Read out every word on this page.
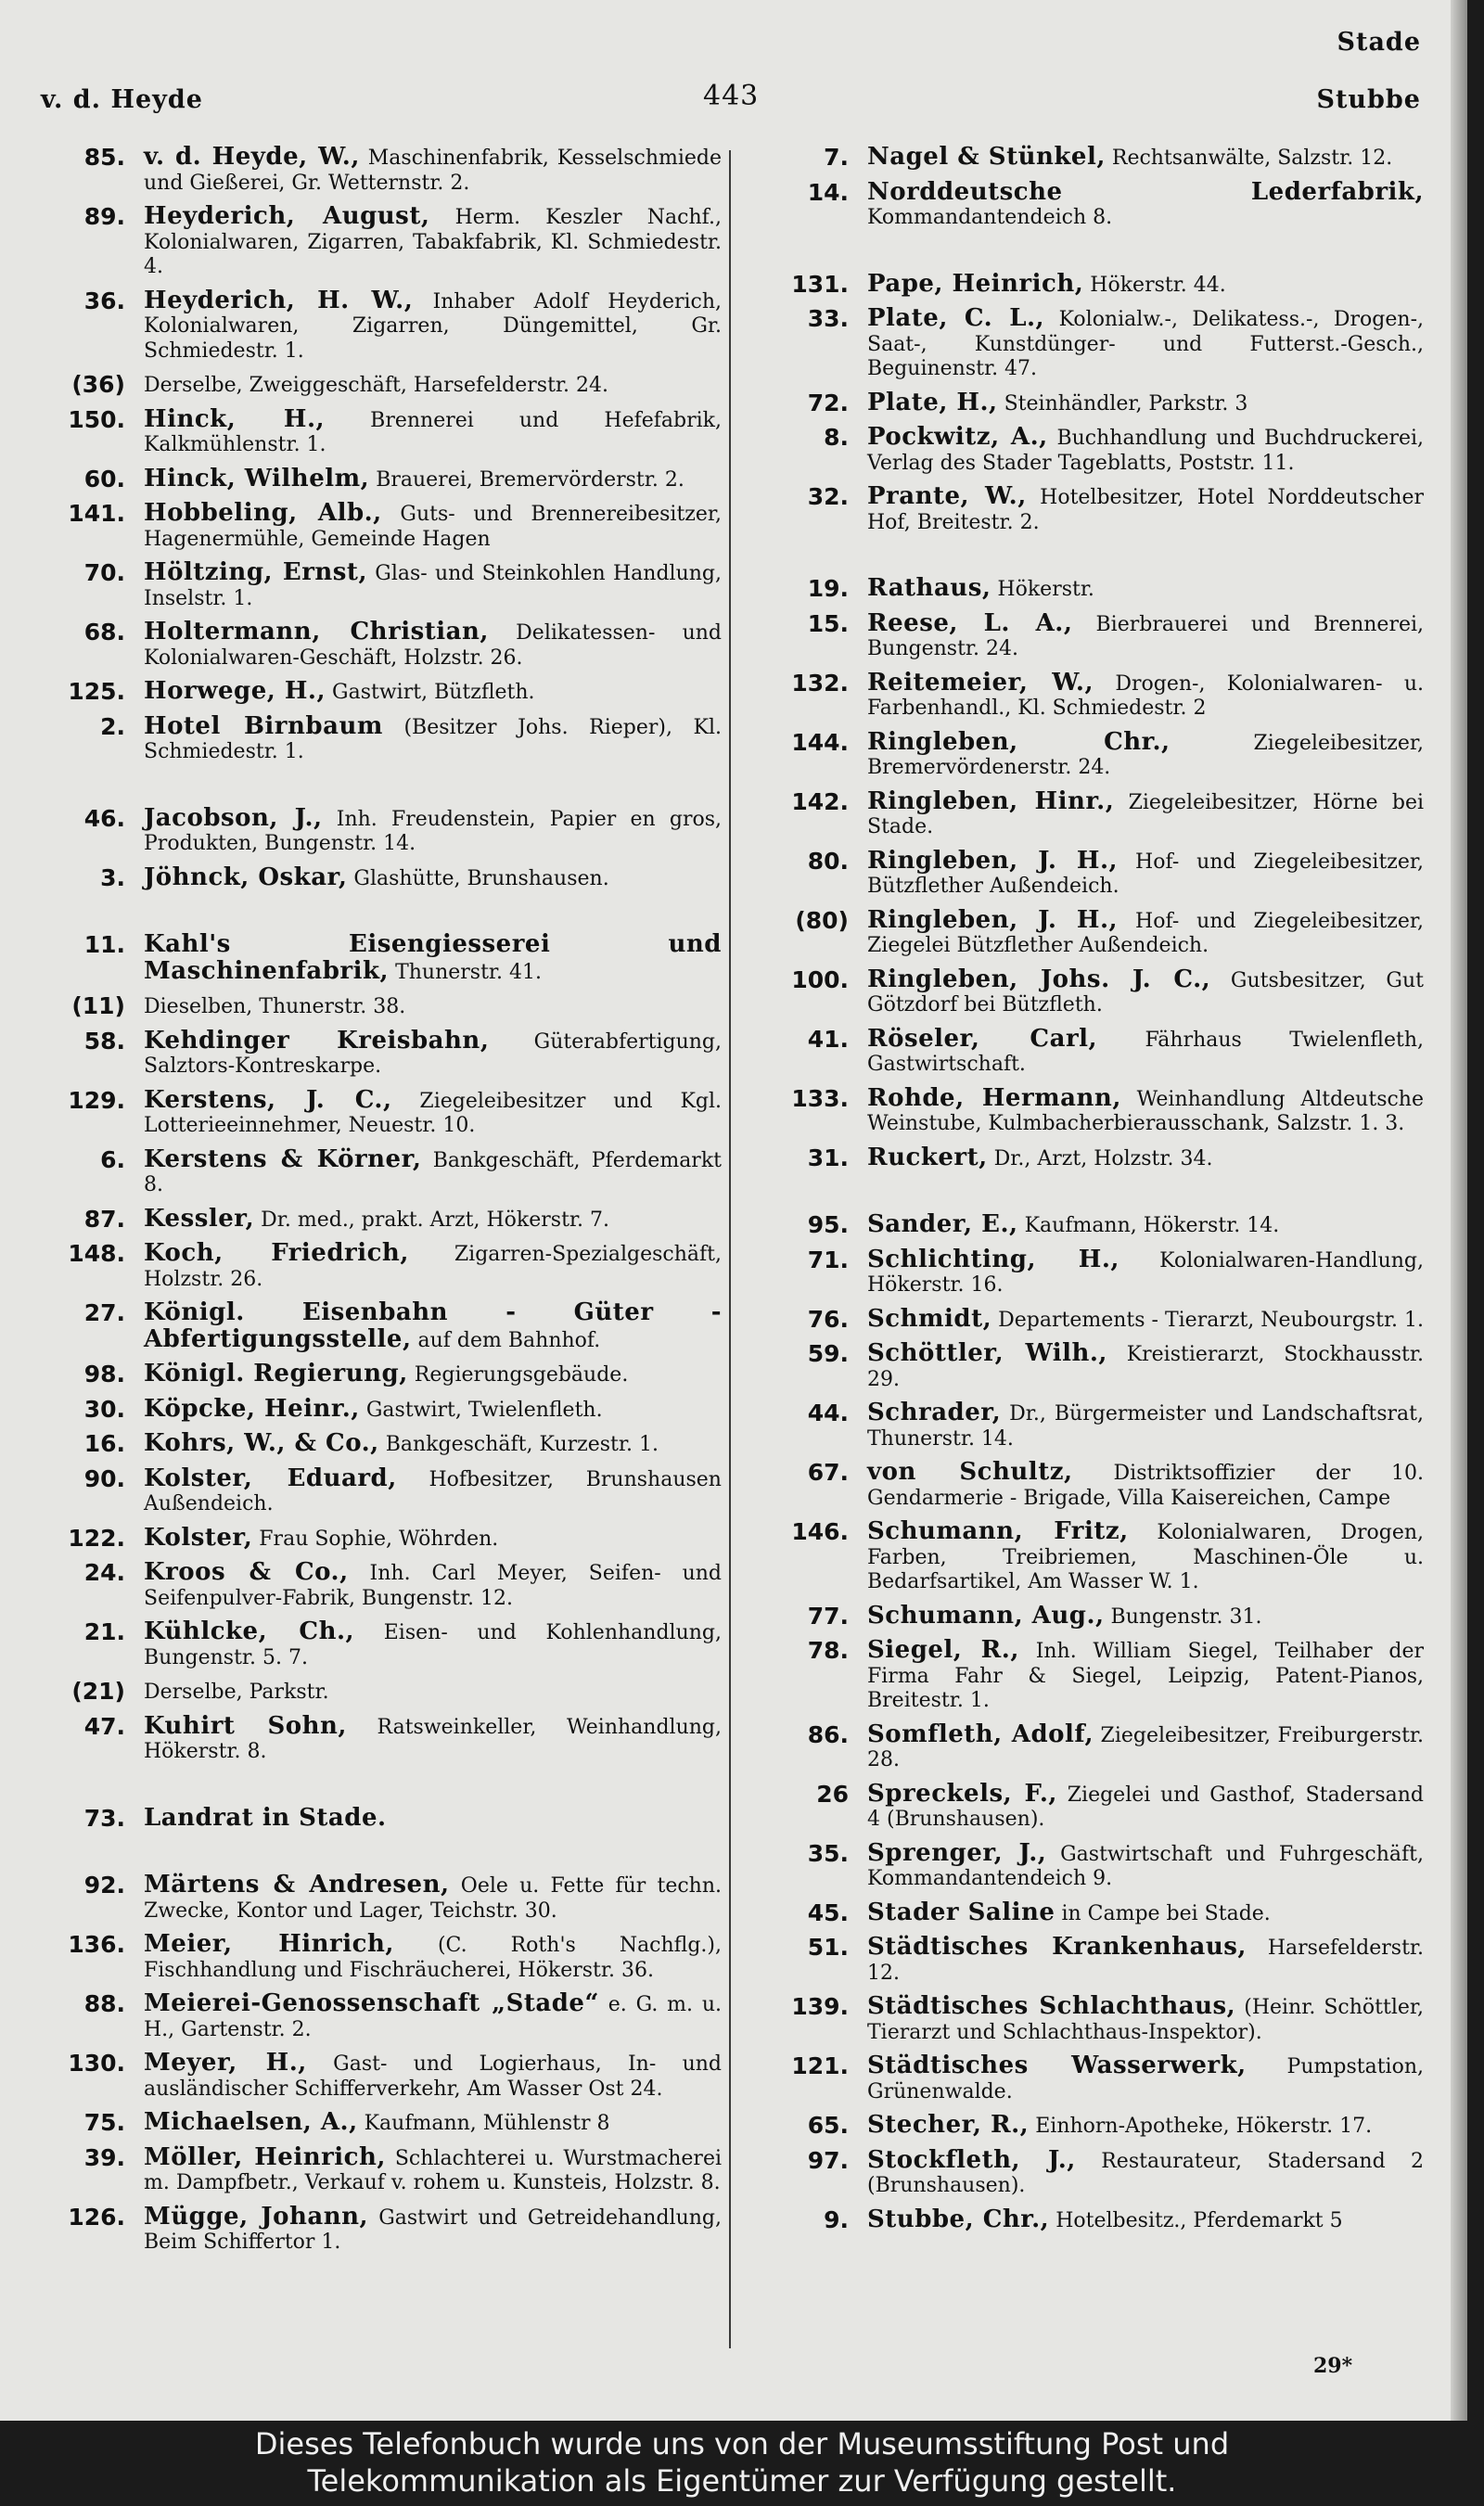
v. d. Heyde	443
Stade
Stubbe
85. v. d. Heyde, W., Maschinenfabrik, Kesselschmiede und Gießerei, Gr. Wetternstr. 2.
89. Heyderich, August, Herm. Keszler Nachf., Kolonialwaren, Zigarren, Tabakfabrik, Kl. Schmiedestr. 4.
36. Heyderich, H. W., Inhaber Adolf Heyderich, Kolonialwaren, Zigarren, Düngemittel, Gr. Schmiedestr. 1.
(36) Derselbe, Zweiggeschäft, Harsefelderstr. 24.
150. Hinck, H., Brennerei und Hefefabrik, Kalkmühlenstr. 1.
60. Hinck, Wilhelm, Brauerei, Bremervörderstr. 2.
141. Hobbeling, Alb., Guts- und Brennereibesitzer, Hagenermühle, Gemeinde Hagen
70. Höltzing, Ernst, Glas- und Steinkohlen Handlung, Inselstr. 1.
68. Holtermann, Christian, Delikatessen- und Kolonialwaren-Geschäft, Holzstr. 26.
125. Horwege, H., Gastwirt, Bützfleth.
2. Hotel Birnbaum (Besitzer Johs. Rieper), Kl. Schmiedestr. 1.
46. Jacobson, J., Inh. Freudenstein, Papier en gros, Produkten, Bungenstr. 14.
3. Jöhnck, Oskar, Glashütte, Brunshausen.
11. Kahl's Eisengiesserei und Maschinenfabrik, Thunerstr. 41.
(11) Dieselben, Thunerstr. 38.
58. Kehdinger Kreisbahn, Güterabfertigung, Salztors-Kontreskarpe.
129. Kerstens, J. C., Ziegeleibesitzer und Kgl. Lotterieeinnehmer, Neuestr. 10.
6. Kerstens & Körner, Bankgeschäft, Pferdemarkt 8.
87. Kessler, Dr. med., prakt. Arzt, Hökerstr. 7.
148. Koch, Friedrich, Zigarren-Spezialgeschäft, Holzstr. 26.
27. Königl. Eisenbahn - Güter - Abfertigungsstelle, auf dem Bahnhof.
98. Königl. Regierung, Regierungsgebäude.
30. Köpcke, Heinr., Gastwirt, Twielenfleth.
16. Kohrs, W., & Co., Bankgeschäft, Kurzestr. 1.
90. Kolster, Eduard, Hofbesitzer, Brunshausen Außendeich.
122. Kolster, Frau Sophie, Wöhrden.
24. Kroos & Co., Inh. Carl Meyer, Seifen- und Seifenpulver-Fabrik, Bungenstr. 12.
21. Kühlcke, Ch., Eisen- und Kohlenhandlung, Bungenstr. 5. 7.
(21) Derselbe, Parkstr.
47. Kuhirt Sohn, Ratsweinkeller, Weinhandlung, Hökerstr. 8.
73. Landrat in Stade.
92. Märtens & Andresen, Oele u. Fette für techn. Zwecke, Kontor und Lager, Teichstr. 30.
136. Meier, Hinrich, (C. Roth's Nachflg.), Fischhandlung und Fischräucherei, Hökerstr. 36.
88. Meierei-Genossenschaft „Stade“ e. G. m. u. H., Gartenstr. 2.
130. Meyer, H., Gast- und Logierhaus, In- und ausländischer Schifferverkehr, Am Wasser Ost 24.
75. Michaelsen, A., Kaufmann, Mühlenstr 8
39. Möller, Heinrich, Schlachterei u. Wurstmacherei m. Dampfbetr., Verkauf v. rohem u. Kunsteis, Holzstr. 8.
126. Mügge, Johann, Gastwirt und Getreidehandlung, Beim Schiffertor 1.
7. Nagel & Stünkel, Rechtsanwälte, Salzstr. 12.
14. Norddeutsche Lederfabrik, Kommandantendeich 8.
131. Pape, Heinrich, Hökerstr. 44.
33. Plate, C. L., Kolonialw.-, Delikatess.-, Drogen-, Saat-, Kunstdünger- und Futterst.-Gesch., Beguinenstr. 47.
72. Plate, H., Steinhändler, Parkstr. 3
8. Pockwitz, A., Buchhandlung und Buchdruckerei, Verlag des Stader Tageblatts, Poststr. 11.
32. Prante, W., Hotelbesitzer, Hotel Norddeutscher Hof, Breitestr. 2.
19. Rathaus, Hökerstr.
15. Reese, L. A., Bierbrauerei und Brennerei, Bungenstr. 24.
132. Reitemeier, W., Drogen-, Kolonialwaren- u. Farbenhandl., Kl. Schmiedestr. 2
144. Ringleben, Chr.,	Ziegeleibesitzer, Bremervördenerstr. 24.
142. Ringleben, Hinr., Ziegeleibesitzer, Hörne bei Stade.
80. Ringleben, J. H., Hof- und Ziegeleibesitzer, Bützflether Außendeich.
(80) Ringleben, J. H., Hof- und Ziegeleibesitzer, Ziegelei Bützflether Außendeich.
100. Ringleben, Johs. J. C., Gutsbesitzer, Gut Götzdorf bei Bützfleth.
41. Röseler, Carl, Fährhaus Twielenfleth, Gastwirtschaft.
133. Rohde, Hermann, Weinhandlung Altdeutsche Weinstube, Kulmbacherbierausschank, Salzstr. 1. 3.
31. Ruckert, Dr., Arzt, Holzstr. 34.
95. Sander, E., Kaufmann, Hökerstr. 14.
71. Schlichting, H., Kolonialwaren-Handlung, Hökerstr. 16.
76. Schmidt, Departements - Tierarzt, Neubourgstr. 1.
59. Schöttler, Wilh., Kreistierarzt, Stockhausstr. 29.
44. Schrader, Dr., Bürgermeister und Landschaftsrat, Thunerstr. 14.
67. von Schultz, Distriktsoffizier der 10. Gendarmerie - Brigade, Villa Kaisereichen, Campe
146. Schumann, Fritz, Kolonialwaren, Drogen, Farben, Treibriemen, Maschinen-Öle u. Bedarfsartikel, Am Wasser W. 1.
77. Schumann, Aug., Bungenstr. 31.
78. Siegel, R., Inh. William Siegel, Teilhaber der Firma Fahr & Siegel, Leipzig, Patent-Pianos, Breitestr. 1.
86. Somfleth, Adolf, Ziegeleibesitzer, Freiburgerstr. 28.
26 Spreckels, F., Ziegelei und Gasthof, Stadersand 4 (Brunshausen).
35. Sprenger, J., Gastwirtschaft und Fuhrgeschäft, Kommandantendeich 9.
45. Stader Saline in Campe bei Stade.
51. Städtisches Krankenhaus, Harsefelderstr. 12.
139. Städtisches Schlachthaus, (Heinr. Schöttler, Tierarzt und Schlachthaus-Inspektor).
121. Städtisches Wasserwerk, Pumpstation, Grünenwalde.
65. Stecher, R., Einhorn-Apotheke, Hökerstr. 17.
97. Stockfleth, J., Restaurateur, Stadersand 2 (Brunshausen).
9. Stubbe, Chr., Hotelbesitz., Pferdemarkt 5
29*
Dieses Telefonbuch wurde uns von der Museumsstiftung Post und
Telekommunikation als Eigentümer zur Verfügung gestellt.
